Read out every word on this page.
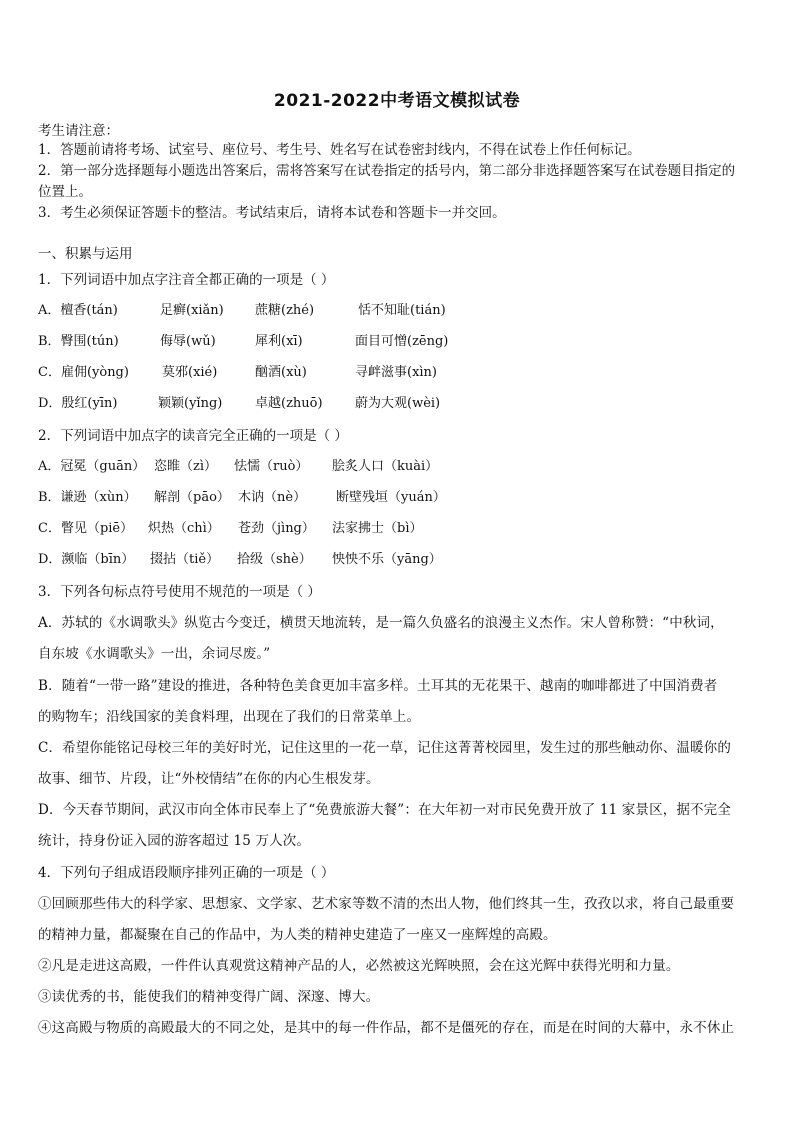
2021-2022中考语文模拟试卷
考生请注意：
1．答题前请将考场、试室号、座位号、考生号、姓名写在试卷密封线内，不得在试卷上作任何标记。
2．第一部分选择题每小题选出答案后，需将答案写在试卷指定的括号内，第二部分非选择题答案写在试卷题目指定的
位置上。
3．考生必须保证答题卡的整洁。考试结束后，请将本试卷和答题卡一并交回。
一、积累与运用
1．下列词语中加点字注音全都正确的一项是（ ）
A．檀香(tán)	足癣(xiǎn) 蔗糖(zhé)	恬不知耻(tián)
B．臀围(tún)	侮辱(wǔ)	犀利(xī)	面目可憎(zēng)
C．雇佣(yòng)	莫邪(xié)	酗酒(xù)	寻衅滋事(xìn)
D．殷红(yīn)	颖颖(yǐng)	卓越(zhuō) 蔚为大观(wèi)
2．下列词语中加点字的读音完全正确的一项是（ ）
A．冠冕（guān） 恣睢（zì） 怯懦（ruò） 脍炙人口（kuài）
B．谦逊（xùn） 解剖（pāo） 木讷（nè） 断壁残垣（yuán）
C．瞥见（piē） 炽热（chì） 苍劲（jìng） 法家拂士（bì）
D．濒临（bīn） 掇拈（tiě） 拾级（shè） 怏怏不乐（yāng）
3．下列各句标点符号使用不规范的一项是（ ）
A．苏轼的《水调歌头》纵览古今变迁，横贯天地流转，是一篇久负盛名的浪漫主义杰作。宋人曾称赞：“中秋词，
自东坡《水调歌头》一出，余词尽废。”
B．随着“一带一路”建设的推进，各种特色美食更加丰富多样。土耳其的无花果干、越南的咖啡都进了中国消费者
的购物车；沿线国家的美食料理，出现在了我们的日常菜单上。
C．希望你能铭记母校三年的美好时光，记住这里的一花一草，记住这菁菁校园里，发生过的那些触动你、温暖你的
故事、细节、片段，让“外校情结”在你的内心生根发芽。
D．今天春节期间，武汉市向全体市民奉上了“免费旅游大餐”：在大年初一对市民免费开放了 11 家景区，据不完全
统计，持身份证入园的游客超过 15 万人次。
4．下列句子组成语段顺序排列正确的一项是（ ）
①回顾那些伟大的科学家、思想家、文学家、艺术家等数不清的杰出人物，他们终其一生，孜孜以求，将自己最重要
的精神力量，都凝聚在自己的作品中，为人类的精神史建造了一座又一座辉煌的高殿。
②凡是走进这高殿，一件件认真观赏这精神产品的人，必然被这光辉映照，会在这光辉中获得光明和力量。
③读优秀的书，能使我们的精神变得广阔、深邃、博大。
④这高殿与物质的高殿最大的不同之处，是其中的每一件作品，都不是僵死的存在，而是在时间的大幕中，永不休止
